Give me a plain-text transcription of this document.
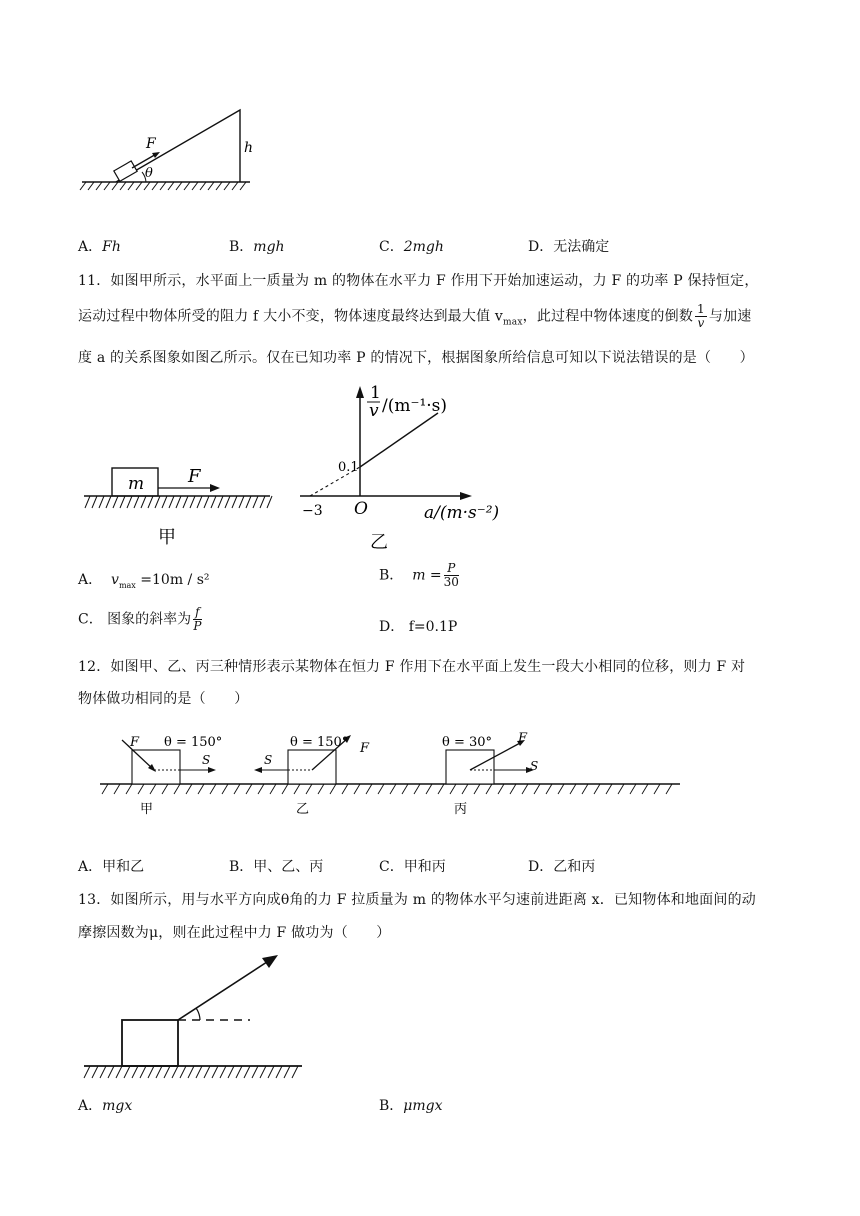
F
θ
h
A．Fh	B．mgh	C．2mgh	D．无法确定
11．如图甲所示，水平面上一质量为 m 的物体在水平力 F 作用下开始加速运动，力 F 的功率 P 保持恒定，
运动过程中物体所受的阻力 f 大小不变，物体速度最终达到最大值 $v_{max}$，此过程中物体速度的倒数 $\frac{1}{v}$ 与加速
度 a 的关系图象如图乙所示。仅在已知功率 P 的情况下，根据图象所给信息可知以下说法错误的是（　　）
m F
甲
1
v /(m⁻¹·s)
0.1
−3 O	a/(m·s⁻²)
乙
A． $v_{max} =10m / s^2$	B． $m = \frac{P}{30}$
C． 图象的斜率为 $\frac{f}{P}$	D． f=0.1P
12．如图甲、乙、丙三种情形表示某物体在恒力 F 作用下在水平面上发生一段大小相同的位移，则力 F 对
物体做功相同的是（　　）
F θ = 150°
S
甲
θ = 150° F
S
乙
θ = 30° F
S
丙
A．甲和乙	B．甲、乙、丙	C．甲和丙	D．乙和丙
13．如图所示，用与水平方向成θ角的力 F 拉质量为 m 的物体水平匀速前进距离 x．已知物体和地面间的动
摩擦因数为μ，则在此过程中力 F 做功为（　　）
A．mgx	B．μmgx
